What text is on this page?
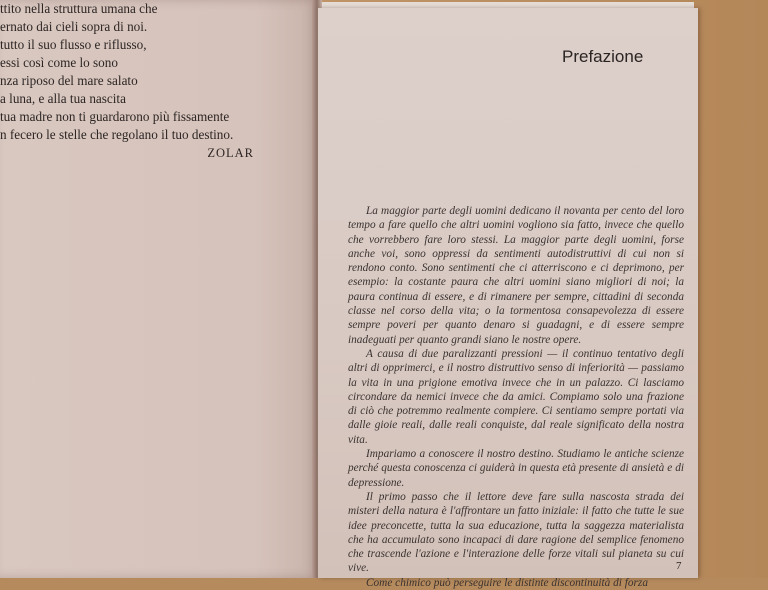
ttito nella struttura umana che
ernato dai cieli sopra di noi.
tutto il suo flusso e riflusso,
essi così come lo sono
nza riposo del mare salato
a luna, e alla tua nascita
tua madre non ti guardarono più fissamente
n fecero le stelle che regolano il tuo destino.
ZOLAR
Prefazione

La maggior parte degli uomini dedicano il novanta per cento del loro tempo a fare quello che altri uomini vogliono sia fatto, invece che quello che vorrebbero fare loro stessi. La maggior parte degli uomini, forse anche voi, sono oppressi da sentimenti autodistruttivi di cui non si rendono conto. Sono sentimenti che ci atterriscono e ci deprimono, per esempio: la costante paura che altri uomini siano migliori di noi; la paura continua di essere, e di rimanere per sempre, cittadini di seconda classe nel corso della vita; o la tormentosa consapevolezza di essere sempre poveri per quanto denaro si guadagni, e di essere sempre inadeguati per quanto grandi siano le nostre opere.

A causa di due paralizzanti pressioni — il continuo tentativo degli altri di opprimerci, e il nostro distruttivo senso di inferiorità — passiamo la vita in una prigione emotiva invece che in un palazzo. Ci lasciamo circondare da nemici invece che da amici. Compiamo solo una frazione di ciò che potremmo realmente compiere. Ci sentiamo sempre portati via dalle gioie reali, dalle reali conquiste, dal reale significato della nostra vita.

Impariamo a conoscere il nostro destino. Studiamo le antiche scienze perché questa conoscenza ci guiderà in questa età presente di ansietà e di depressione.

Il primo passo che il lettore deve fare sulla nascosta strada dei misteri della natura è l'affrontare un fatto iniziale: il fatto che tutte le sue idee preconcette, tutta la sua educazione, tutta la saggezza materialista che ha accumulato sono incapaci di dare ragione del semplice fenomeno che trascende l'azione e l'interazione delle forze vitali sul pianeta su cui vive.

Come chimico può perseguire le distinte discontinuità di forza

7
